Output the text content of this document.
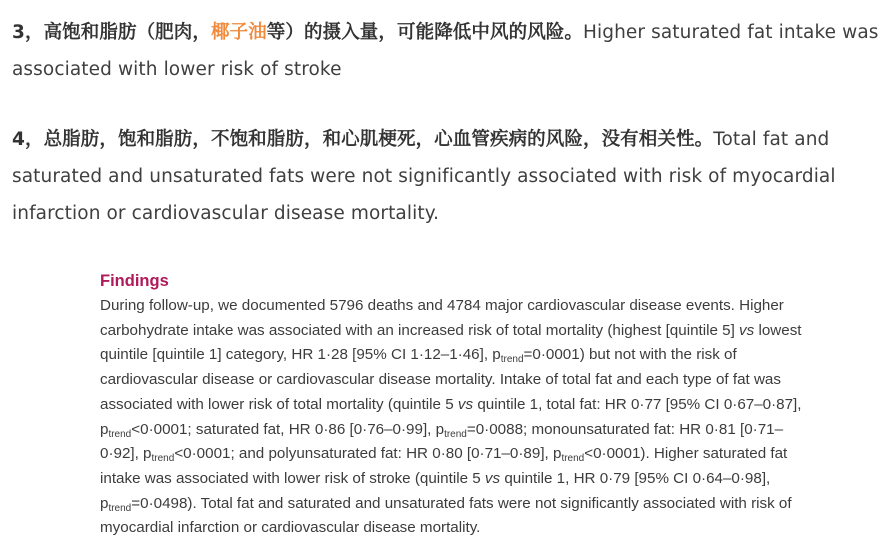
3，高饱和脂肪（肥肉，椰子油等）的摄入量，可能降低中风的风险。Higher saturated fat intake was associated with lower risk of stroke

4，总脂肪，饱和脂肪，不饱和脂肪，和心肌梗死，心血管疾病的风险，没有相关性。Total fat and saturated and unsaturated fats were not significantly associated with risk of myocardial infarction or cardiovascular disease mortality.

Findings

During follow-up, we documented 5796 deaths and 4784 major cardiovascular disease events. Higher carbohydrate intake was associated with an increased risk of total mortality (highest [quintile 5] vs lowest quintile [quintile 1] category, HR 1·28 [95% CI 1·12–1·46], $p_{trend}=0\cdot 0001$) but not with the risk of cardiovascular disease or cardiovascular disease mortality. Intake of total fat and each type of fat was associated with lower risk of total mortality (quintile 5 vs quintile 1, total fat: HR 0·77 [95% CI 0·67–0·87], $p_{trend}<0\cdot 0001$; saturated fat, HR 0·86 [0·76–0·99], $p_{trend}=0\cdot 0088$; monounsaturated fat: HR 0·81 [0·71–0·92], $p_{trend}<0\cdot 0001$; and polyunsaturated fat: HR 0·80 [0·71–0·89], $p_{trend}<0\cdot 0001$). Higher saturated fat intake was associated with lower risk of stroke (quintile 5 vs quintile 1, HR 0·79 [95% CI 0·64–0·98], $p_{trend}=0\cdot 0498$). Total fat and saturated and unsaturated fats were not significantly associated with risk of myocardial infarction or cardiovascular disease mortality.
